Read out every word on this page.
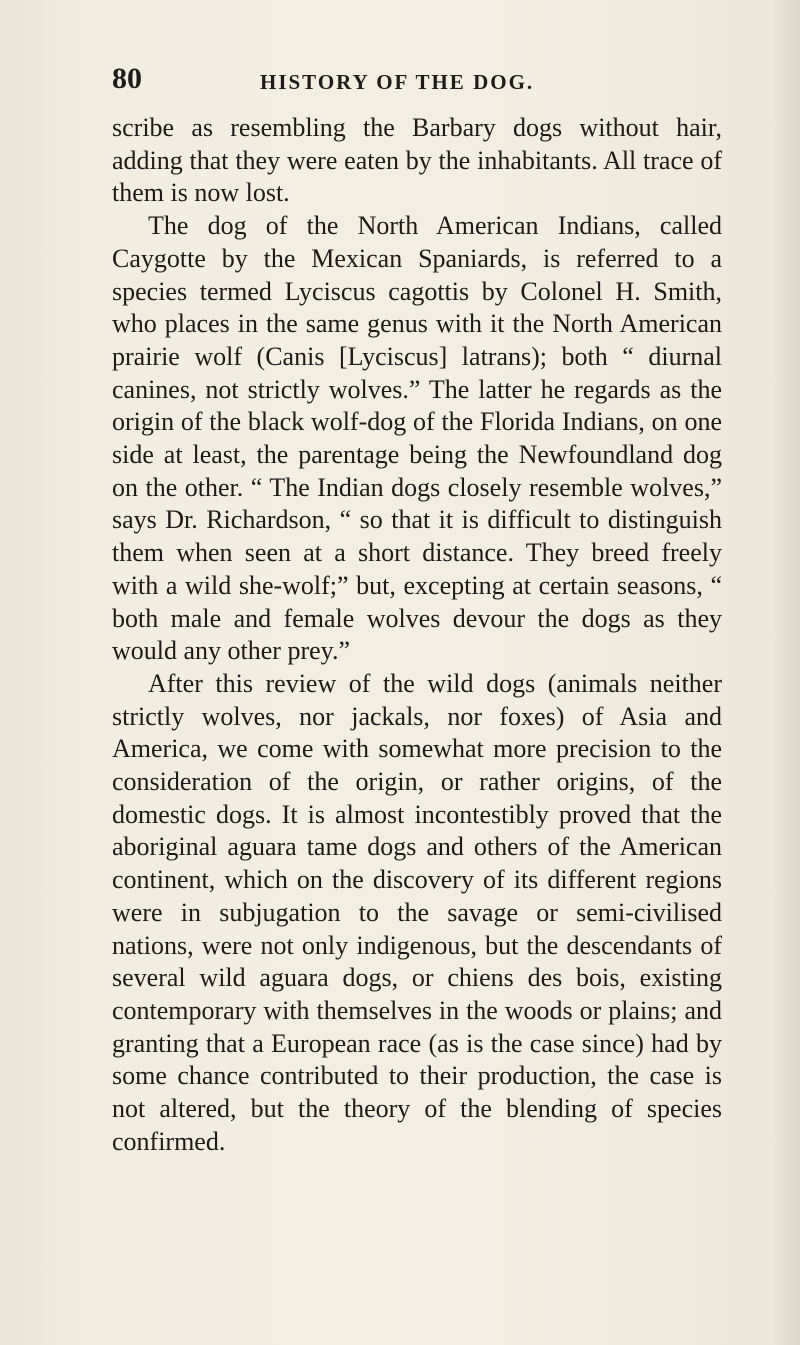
80	HISTORY OF THE DOG.

scribe as resembling the Barbary dogs without hair, adding that they were eaten by the inhabitants. All trace of them is now lost.

The dog of the North American Indians, called Caygotte by the Mexican Spaniards, is referred to a species termed Lyciscus cagottis by Colonel H. Smith, who places in the same genus with it the North American prairie wolf (Canis [Lyciscus] latrans); both “ diurnal canines, not strictly wolves.” The latter he regards as the origin of the black wolf-dog of the Florida Indians, on one side at least, the parentage being the Newfoundland dog on the other. “ The Indian dogs closely resemble wolves,” says Dr. Richardson, “ so that it is difficult to distinguish them when seen at a short distance. They breed freely with a wild she-wolf;” but, excepting at certain seasons, “ both male and female wolves devour the dogs as they would any other prey.”

After this review of the wild dogs (animals neither strictly wolves, nor jackals, nor foxes) of Asia and America, we come with somewhat more precision to the consideration of the origin, or rather origins, of the domestic dogs. It is almost incontestibly proved that the aboriginal aguara tame dogs and others of the American continent, which on the discovery of its different regions were in subjugation to the savage or semi-civilised nations, were not only indigenous, but the descendants of several wild aguara dogs, or chiens des bois, existing contemporary with themselves in the woods or plains; and granting that a European race (as is the case since) had by some chance contributed to their production, the case is not altered, but the theory of the blending of species confirmed.
